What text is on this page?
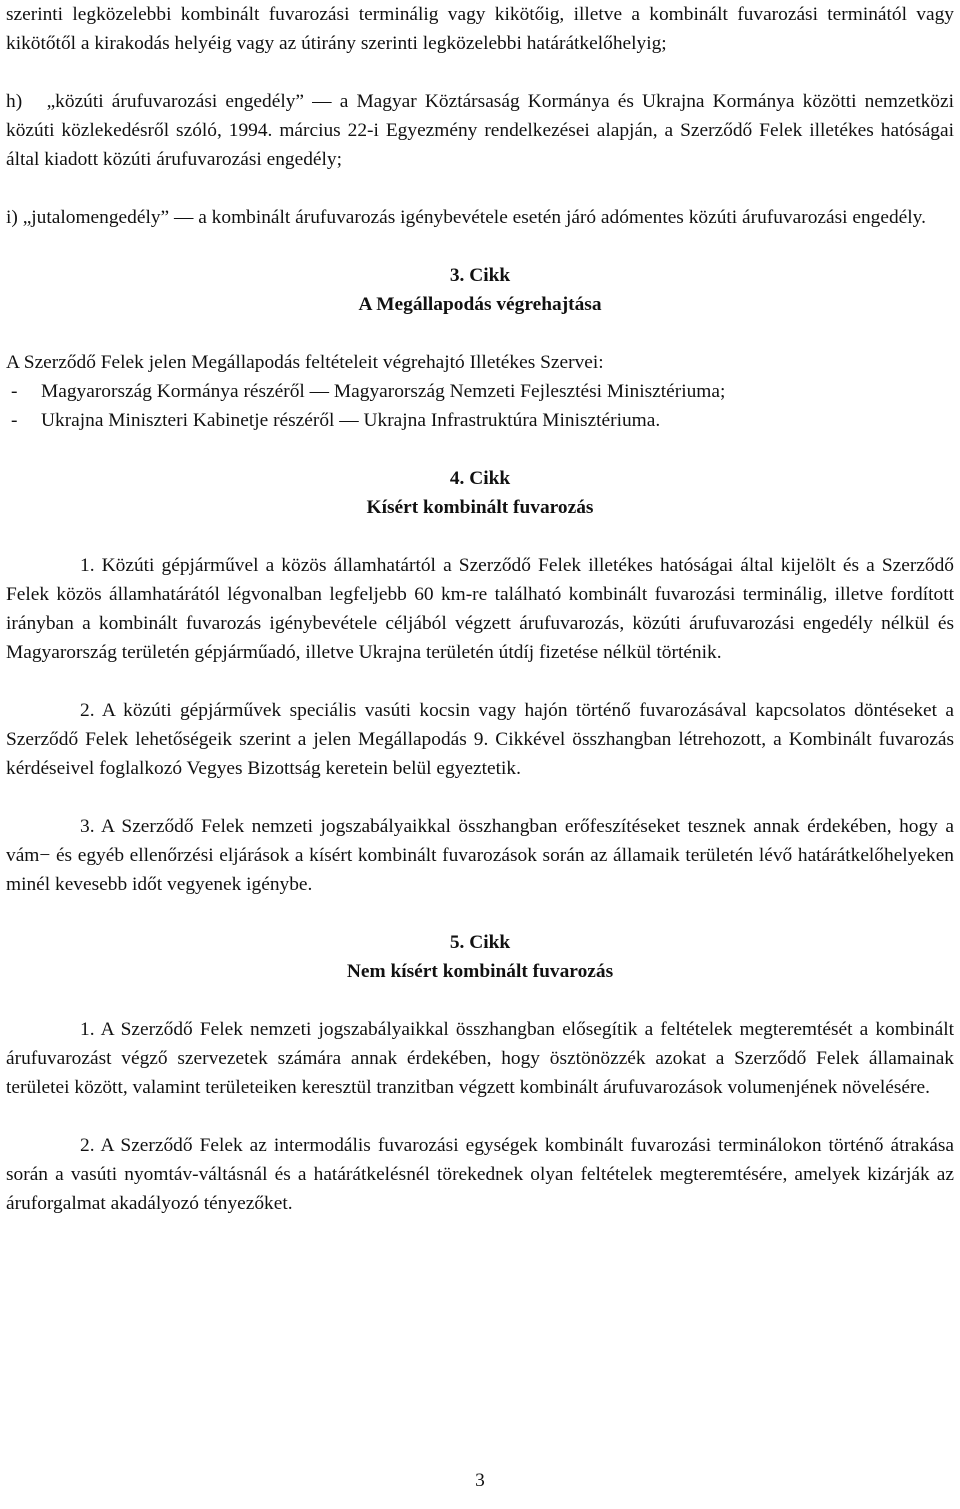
szerinti legközelebbi kombinált fuvarozási terminálig vagy kikötőig, illetve a kombinált fuvarozási terminától vagy kikötőtől a kirakodás helyéig vagy az útirány szerinti legközelebbi határátkelőhelyig;

h)   „közúti árufuvarozási engedély” — a Magyar Köztársaság Kormánya és Ukrajna Kormánya közötti nemzetközi közúti közlekedésről szóló, 1994. március 22-i Egyezmény rendelkezései alapján, a Szerződő Felek illetékes hatóságai által kiadott közúti árufuvarozási engedély;

i) „jutalomengedély” — a kombinált árufuvarozás igénybevétele esetén járó adómentes közúti árufuvarozási engedély.

3. Cikk

A Megállapodás végrehajtása

A Szerződő Felek jelen Megállapodás feltételeit végrehajtó Illetékes Szervei:

-	Magyarország Kormánya részéről — Magyarország Nemzeti Fejlesztési Minisztériuma;
-	Ukrajna Miniszteri Kabinetje részéről — Ukrajna Infrastruktúra Minisztériuma.

4. Cikk

Kísért kombinált fuvarozás

1. Közúti gépjárművel a közös államhatártól a Szerződő Felek illetékes hatóságai által kijelölt és a Szerződő Felek közös államhatárától légvonalban legfeljebb 60 km-re található kombinált fuvarozási terminálig, illetve fordított irányban a kombinált fuvarozás igénybevétele céljából végzett árufuvarozás, közúti árufuvarozási engedély nélkül és Magyarország területén gépjárműadó, illetve Ukrajna területén útdíj fizetése nélkül történik.

2. A közúti gépjárművek speciális vasúti kocsin vagy hajón történő fuvarozásával kapcsolatos döntéseket a Szerződő Felek lehetőségeik szerint a jelen Megállapodás 9. Cikkével összhangban létrehozott, a Kombinált fuvarozás kérdéseivel foglalkozó Vegyes Bizottság keretein belül egyeztetik.

3. A Szerződő Felek nemzeti jogszabályaikkal összhangban erőfeszítéseket tesznek annak érdekében, hogy a vám− és egyéb ellenőrzési eljárások a kísért kombinált fuvarozások során az államaik területén lévő határátkelőhelyeken minél kevesebb időt vegyenek igénybe.

5. Cikk

Nem kísért kombinált fuvarozás

1. A Szerződő Felek nemzeti jogszabályaikkal összhangban elősegítik a feltételek megteremtését a kombinált árufuvarozást végző szervezetek számára annak érdekében, hogy ösztönözzék azokat a Szerződő Felek államainak területei között, valamint területeiken keresztül tranzitban végzett kombinált árufuvarozások volumenjének növelésére.

2. A Szerződő Felek az intermodális fuvarozási egységek kombinált fuvarozási terminálokon történő átrakása során a vasúti nyomtáv-váltásnál és a határátkelésnél törekednek olyan feltételek megteremtésére, amelyek kizárják az áruforgalmat akadályozó tényezőket.

3
